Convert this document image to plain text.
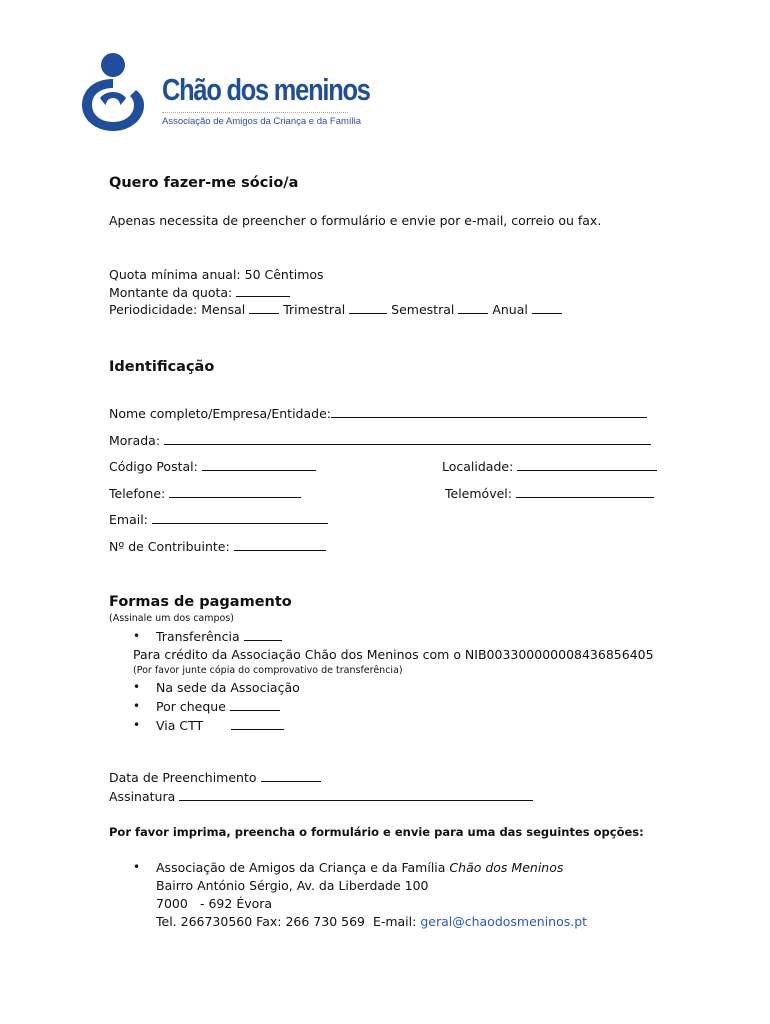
Chão dos meninos
Associação de Amigos da Criança e da Família
Quero fazer-me sócio/a
Apenas necessita de preencher o formulário e envie por e-mail, correio ou fax.
Quota mínima anual: 50 Cêntimos
Montante da quota:
Periodicidade: Mensal	Trimestral	Semestral	Anual
Identificação
Nome completo/Empresa/Entidade:
Morada:
Código Postal:	Localidade:
Telefone:	Telemóvel:
Email:
Nº de Contribuinte:
Formas de pagamento
(Assinale um dos campos)
• Transferência
Para crédito da Associação Chão dos Meninos com o NIB003300000008436856405
(Por favor junte cópia do comprovativo de transferência)
• Na sede da Associação
• Por cheque
• Via CTT
Data de Preenchimento
Assinatura
Por favor imprima, preencha o formulário e envie para uma das seguintes opções:
• Associação de Amigos da Criança e da Família Chão dos Meninos
Bairro António Sérgio, Av. da Liberdade 100
7000 - 692 Évora
Tel. 266730560 Fax: 266 730 569 E-mail: geral@chaodosmeninos.pt
